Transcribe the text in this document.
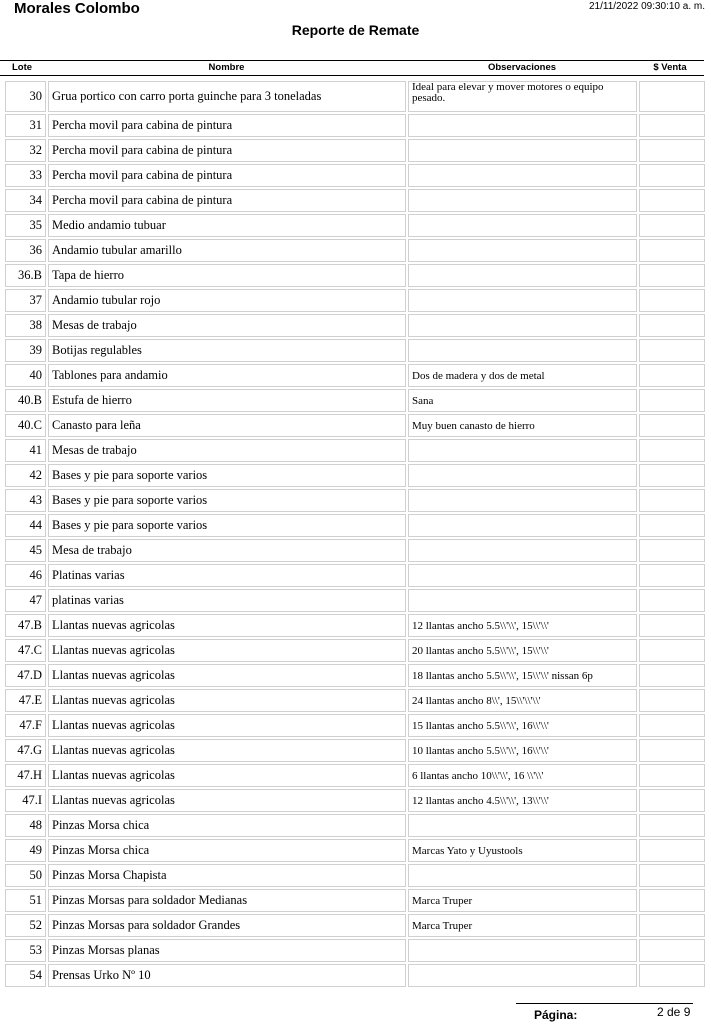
Morales Colombo	21/11/2022 09:30:10 a. m.
Reporte de Remate
Lote	Nombre	Observaciones	$ Venta
30	Grua portico con carro porta guinche para 3 toneladas	Ideal para elevar y mover motores o equipo pesado.	
31	Percha movil para cabina de pintura		
32	Percha movil para cabina de pintura		
33	Percha movil para cabina de pintura		
34	Percha movil para cabina de pintura		
35	Medio andamio tubuar		
36	Andamio tubular amarillo		
36.B	Tapa de hierro		
37	Andamio tubular rojo		
38	Mesas de trabajo		
39	Botijas regulables		
40	Tablones para andamio	Dos de madera y dos de metal	
40.B	Estufa de hierro	Sana	
40.C	Canasto para leña	Muy buen canasto de hierro	
41	Mesas de trabajo		
42	Bases y pie para soporte varios		
43	Bases y pie para soporte varios		
44	Bases y pie para soporte varios		
45	Mesa de trabajo		
46	Platinas varias		
47	platinas varias		
47.B	Llantas nuevas agricolas	12 llantas ancho 5.5\\'\\', 15\\'\\'	
47.C	Llantas nuevas agricolas	20 llantas ancho 5.5\\'\\', 15\\'\\'	
47.D	Llantas nuevas agricolas	18 llantas ancho 5.5\\'\\', 15\\'\\' nissan 6p	
47.E	Llantas nuevas agricolas	24 llantas ancho 8\\', 15\\'\\'\\'	
47.F	Llantas nuevas agricolas	15 llantas ancho 5.5\\'\\', 16\\'\\'	
47.G	Llantas nuevas agricolas	10 llantas ancho 5.5\\'\\', 16\\'\\'	
47.H	Llantas nuevas agricolas	6 llantas ancho 10\\'\\', 16 \\'\\'	
47.I	Llantas nuevas agricolas	12 llantas ancho 4.5\\'\\', 13\\'\\'	
48	Pinzas Morsa chica		
49	Pinzas Morsa chica	Marcas Yato y Uyustools	
50	Pinzas Morsa Chapista		
51	Pinzas Morsas para soldador Medianas	Marca Truper	
52	Pinzas Morsas para soldador Grandes	Marca Truper	
53	Pinzas Morsas planas		
54	Prensas Urko Nº 10		
Página:	2 de 9
